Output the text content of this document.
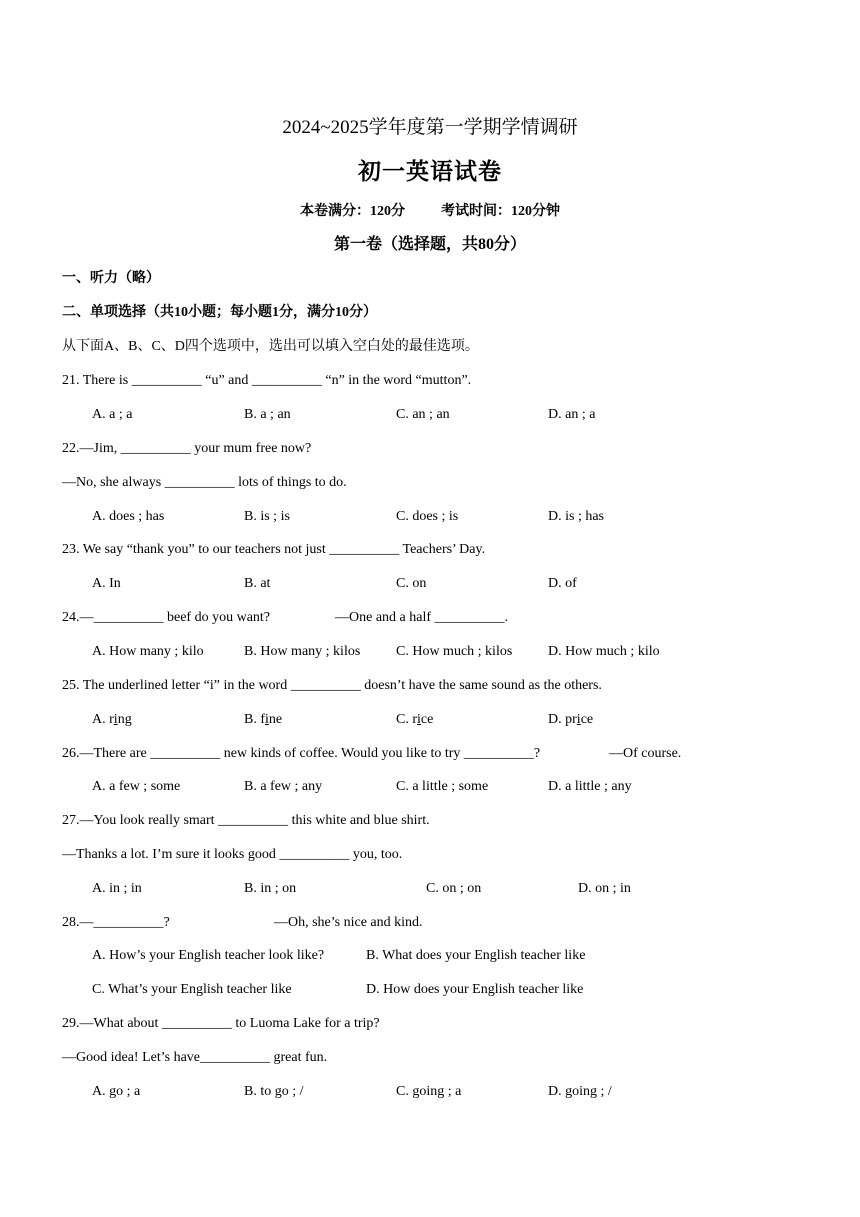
2024~2025学年度第一学期学情调研
初一英语试卷
本卷满分：120分	考试时间：120分钟
第一卷（选择题，共80分）
一、听力（略）
二、单项选择（共10小题；每小题1分，满分10分）
从下面A、B、C、D四个选项中，选出可以填入空白处的最佳选项。
21. There is __________ “u” and __________ “n” in the word “mutton”.
A. a ; a	B. a ; an	C. an ; an	D. an ; a
22.—Jim, __________ your mum free now?
—No, she always __________ lots of things to do.
A. does ; has	B. is ; is	C. does ; is	D. is ; has
23. We say “thank you” to our teachers not just __________ Teachers’ Day.
A. In	B. at	C. on	D. of
24.—__________ beef do you want?	—One and a half __________.
A. How many ; kilo	B. How many ; kilos	C. How much ; kilos	D. How much ; kilo
25. The underlined letter “i” in the word __________ doesn’t have the same sound as the others.
A. ring	B. fine	C. rice	D. price
26.—There are __________ new kinds of coffee. Would you like to try __________?	—Of course.
A. a few ; some	B. a few ; any	C. a little ; some	D. a little ; any
27.—You look really smart __________ this white and blue shirt.
—Thanks a lot. I’m sure it looks good __________ you, too.
A. in ; in	B. in ; on	C. on ; on	D. on ; in
28.—__________?	—Oh, she’s nice and kind.
A. How’s your English teacher look like?	B. What does your English teacher like
C. What’s your English teacher like	D. How does your English teacher like
29.—What about __________ to Luoma Lake for a trip?
—Good idea! Let’s have__________ great fun.
A. go ; a	B. to go ; /	C. going ; a	D. going ; /
